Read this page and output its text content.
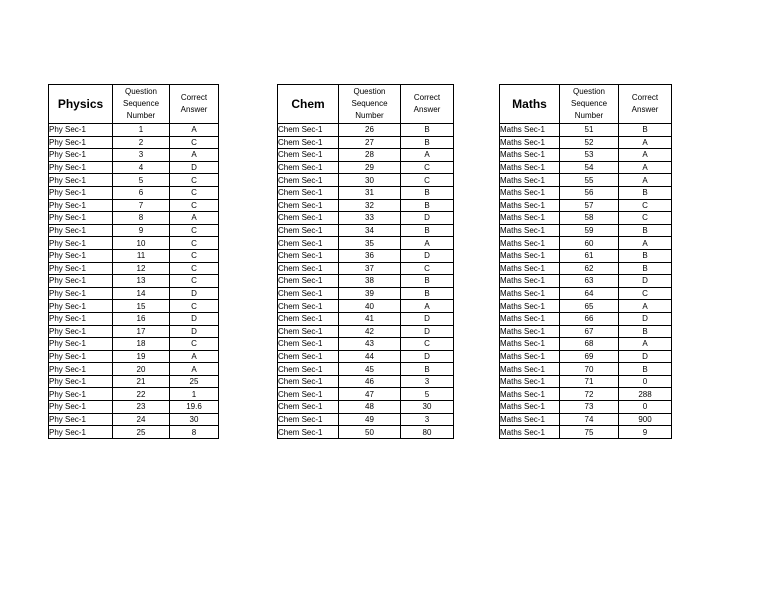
Physics	Question Sequence Number	Correct Answer

Phy Sec-1	1	A
Phy Sec-1	2	C
Phy Sec-1	3	A
Phy Sec-1	4	D
Phy Sec-1	5	C
Phy Sec-1	6	C
Phy Sec-1	7	C
Phy Sec-1	8	A
Phy Sec-1	9	C
Phy Sec-1	10	C
Phy Sec-1	11	C
Phy Sec-1	12	C
Phy Sec-1	13	C
Phy Sec-1	14	D
Phy Sec-1	15	C
Phy Sec-1	16	D
Phy Sec-1	17	D
Phy Sec-1	18	C
Phy Sec-1	19	A
Phy Sec-1	20	A
Phy Sec-1	21	25
Phy Sec-1	22	1
Phy Sec-1	23	19.6
Phy Sec-1	24	30
Phy Sec-1	25	8
Chem	Question Sequence Number	Correct Answer

Chem Sec-1	26	B
Chem Sec-1	27	B
Chem Sec-1	28	A
Chem Sec-1	29	C
Chem Sec-1	30	C
Chem Sec-1	31	B
Chem Sec-1	32	B
Chem Sec-1	33	D
Chem Sec-1	34	B
Chem Sec-1	35	A
Chem Sec-1	36	D
Chem Sec-1	37	C
Chem Sec-1	38	B
Chem Sec-1	39	B
Chem Sec-1	40	A
Chem Sec-1	41	D
Chem Sec-1	42	D
Chem Sec-1	43	C
Chem Sec-1	44	D
Chem Sec-1	45	B
Chem Sec-1	46	3
Chem Sec-1	47	5
Chem Sec-1	48	30
Chem Sec-1	49	3
Chem Sec-1	50	80
Maths	Question Sequence Number	Correct Answer

Maths Sec-1	51	B
Maths Sec-1	52	A
Maths Sec-1	53	A
Maths Sec-1	54	A
Maths Sec-1	55	A
Maths Sec-1	56	B
Maths Sec-1	57	C
Maths Sec-1	58	C
Maths Sec-1	59	B
Maths Sec-1	60	A
Maths Sec-1	61	B
Maths Sec-1	62	B
Maths Sec-1	63	D
Maths Sec-1	64	C
Maths Sec-1	65	A
Maths Sec-1	66	D
Maths Sec-1	67	B
Maths Sec-1	68	A
Maths Sec-1	69	D
Maths Sec-1	70	B
Maths Sec-1	71	0
Maths Sec-1	72	288
Maths Sec-1	73	0
Maths Sec-1	74	900
Maths Sec-1	75	9
